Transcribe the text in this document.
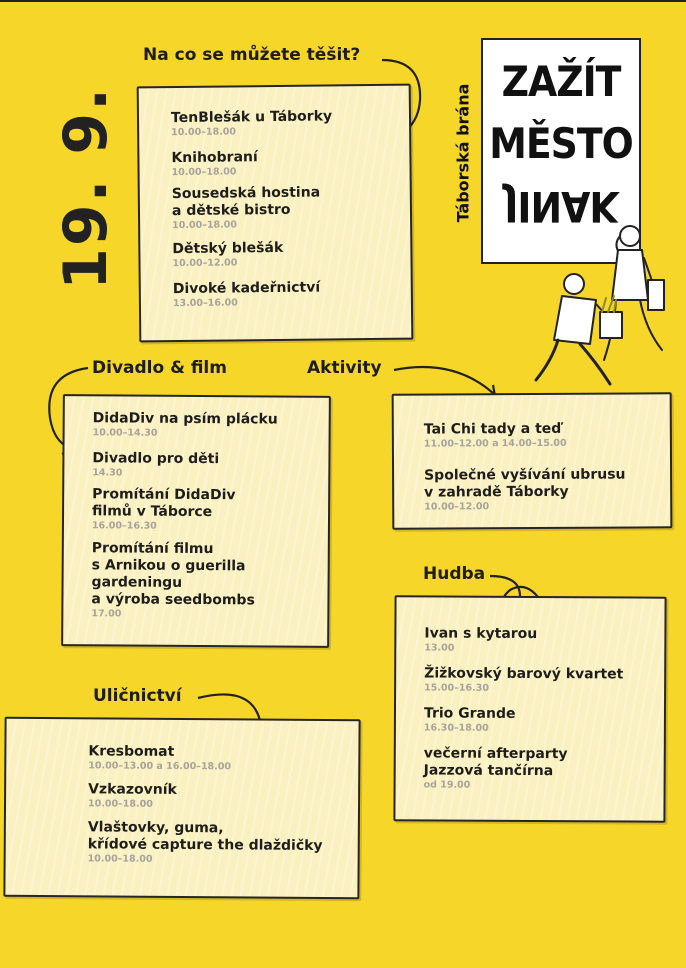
19. 9.	Táborská brána
ZAŽÍT
MĚSTO
JINAK
Na co se můžete těšit?
TenBlešák u Táborky
10.00–18.00
Knihobraní
10.00–18.00
Sousedská hostina
a dětské bistro
10.00–18.00
Dětský blešák
10.00–12.00
Divoké kadeřnictví
13.00–16.00
Divadlo & film
DidaDiv na psím plácku
10.00–14.30
Divadlo pro děti
14.30
Promítání DidaDiv
filmů v Táborce
16.00–16.30
Promítání filmu
s Arnikou o guerilla
gardeningu
a výroba seedbombs
17.00
Aktivity
Tai Chi tady a teď
11.00–12.00 a 14.00–15.00
Společné vyšívání ubrusu
v zahradě Táborky
10.00–12.00
Hudba
Ivan s kytarou
13.00
Žižkovský barový kvartet
15.00–16.30
Trio Grande
16.30–18.00
večerní afterparty
Jazzová tančírna
od 19.00
Uličnictví
Kresbomat
10.00–13.00 a 16.00–18.00
Vzkazovník
10.00–18.00
Vlaštovky, guma,
křídové capture the dlaždičky
10.00–18.00
